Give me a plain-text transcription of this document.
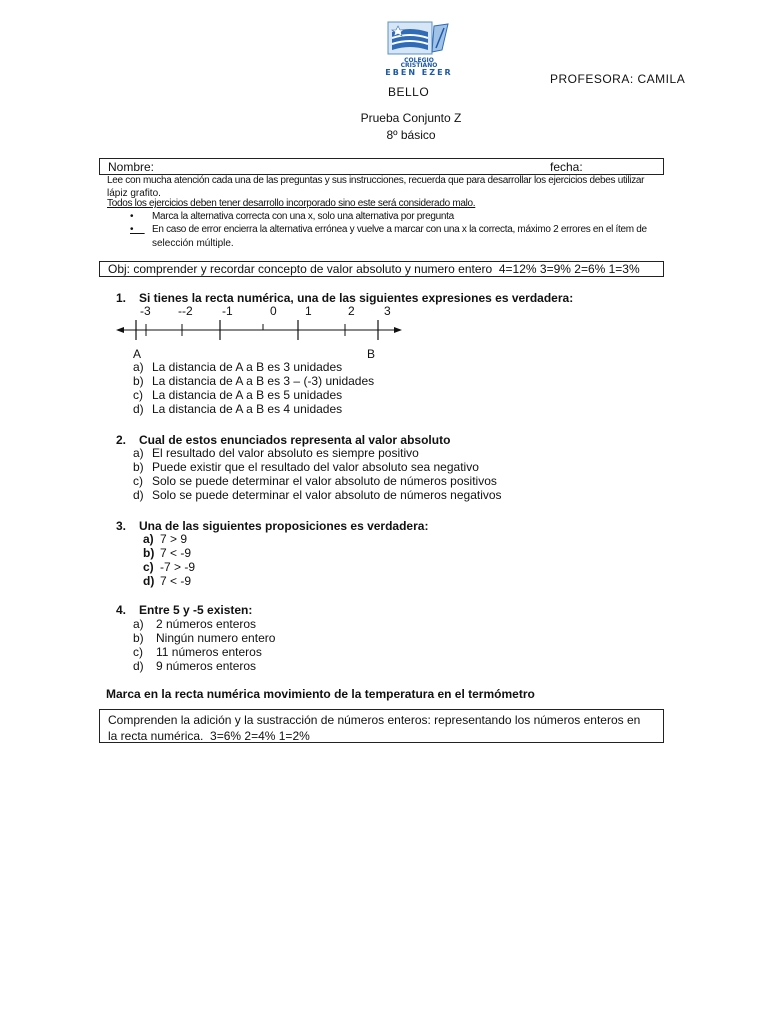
COLEGIO
CRISTIANO
EBEN EZER	PROFESORA: CAMILA
BELLO
Prueba Conjunto Z
8º básico
Nombre:	fecha:
Lee con mucha atención cada una de las preguntas y sus instrucciones, recuerda que para desarrollar los ejercicios debes utilizar
lápiz grafito.
Todos los ejercicios deben tener desarrollo incorporado sino este será considerado malo.
• Marca la alternativa correcta con una x, solo una alternativa por pregunta
• En caso de error encierra la alternativa errónea y vuelve a marcar con una x la correcta, máximo 2 errores en el ítem de
selección múltiple.
Obj: comprender y recordar concepto de valor absoluto y numero entero  4=12% 3=9% 2=6% 1=3%
1. Si tienes la recta numérica, una de las siguientes expresiones es verdadera:
-3 --2 -1	0 1	2 3
A	B
a) La distancia de A a B es 3 unidades
b) La distancia de A a B es 3 – (-3) unidades
c) La distancia de A a B es 5 unidades
d) La distancia de A a B es 4 unidades
2. Cual de estos enunciados representa al valor absoluto
a) El resultado del valor absoluto es siempre positivo
b) Puede existir que el resultado del valor absoluto sea negativo
c) Solo se puede determinar el valor absoluto de números positivos
d) Solo se puede determinar el valor absoluto de números negativos
3. Una de las siguientes proposiciones es verdadera:
a) 7 > 9
b) 7 < -9
c) -7 > -9
d) 7 < -9
4. Entre 5 y -5 existen:
a) 2 números enteros
b) Ningún numero entero
c) 11 números enteros
d) 9 números enteros
Marca en la recta numérica movimiento de la temperatura en el termómetro
Comprenden la adición y la sustracción de números enteros: representando los números enteros en
la recta numérica.  3=6% 2=4% 1=2%
